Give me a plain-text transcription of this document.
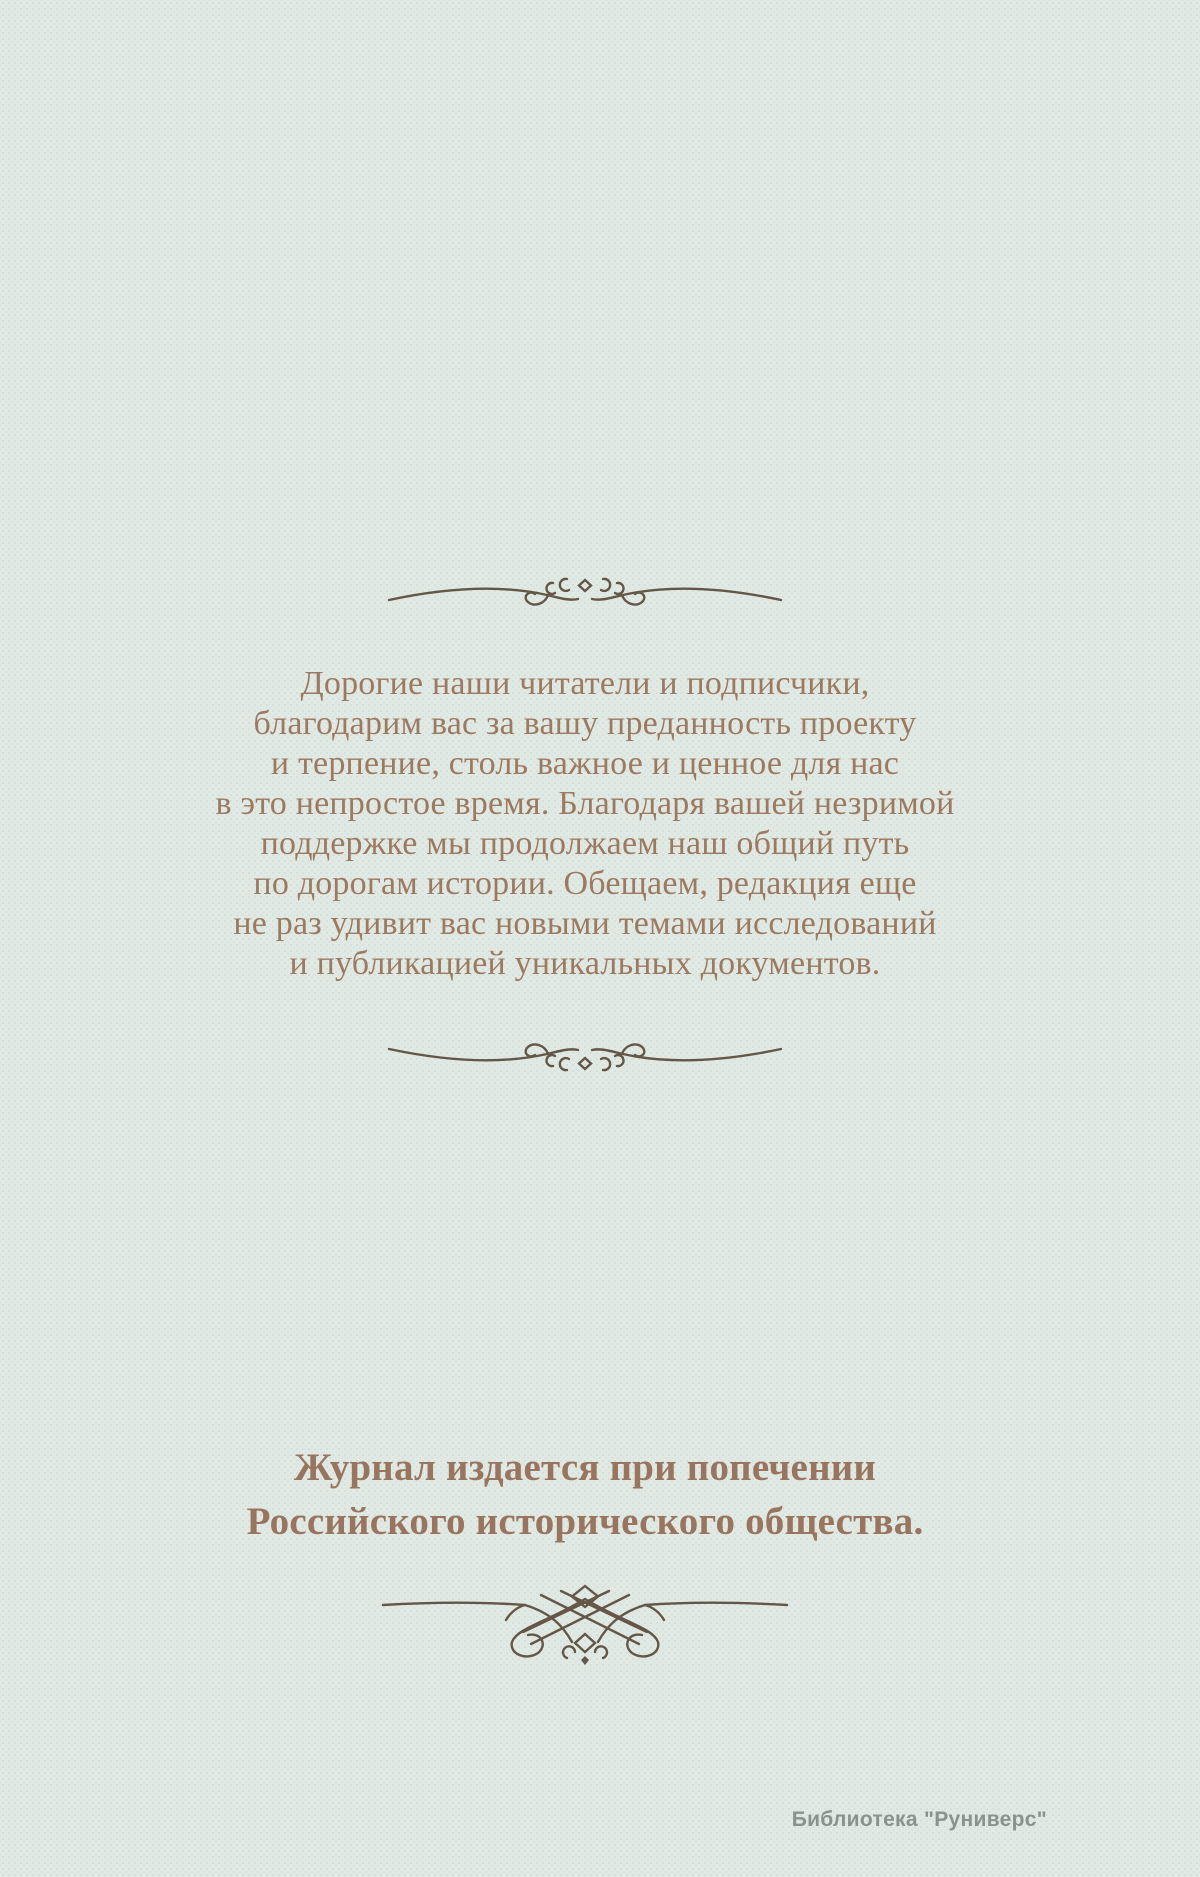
Дорогие наши читатели и подписчики,
благодарим вас за вашу преданность проекту
и терпение, столь важное и ценное для нас
в это непростое время. Благодаря вашей незримой
поддержке мы продолжаем наш общий путь
по дорогам истории. Обещаем, редакция еще
не раз удивит вас новыми темами исследований
и публикацией уникальных документов.
Журнал издается при попечении
Российского исторического общества.
Библиотека "Руниверс"
